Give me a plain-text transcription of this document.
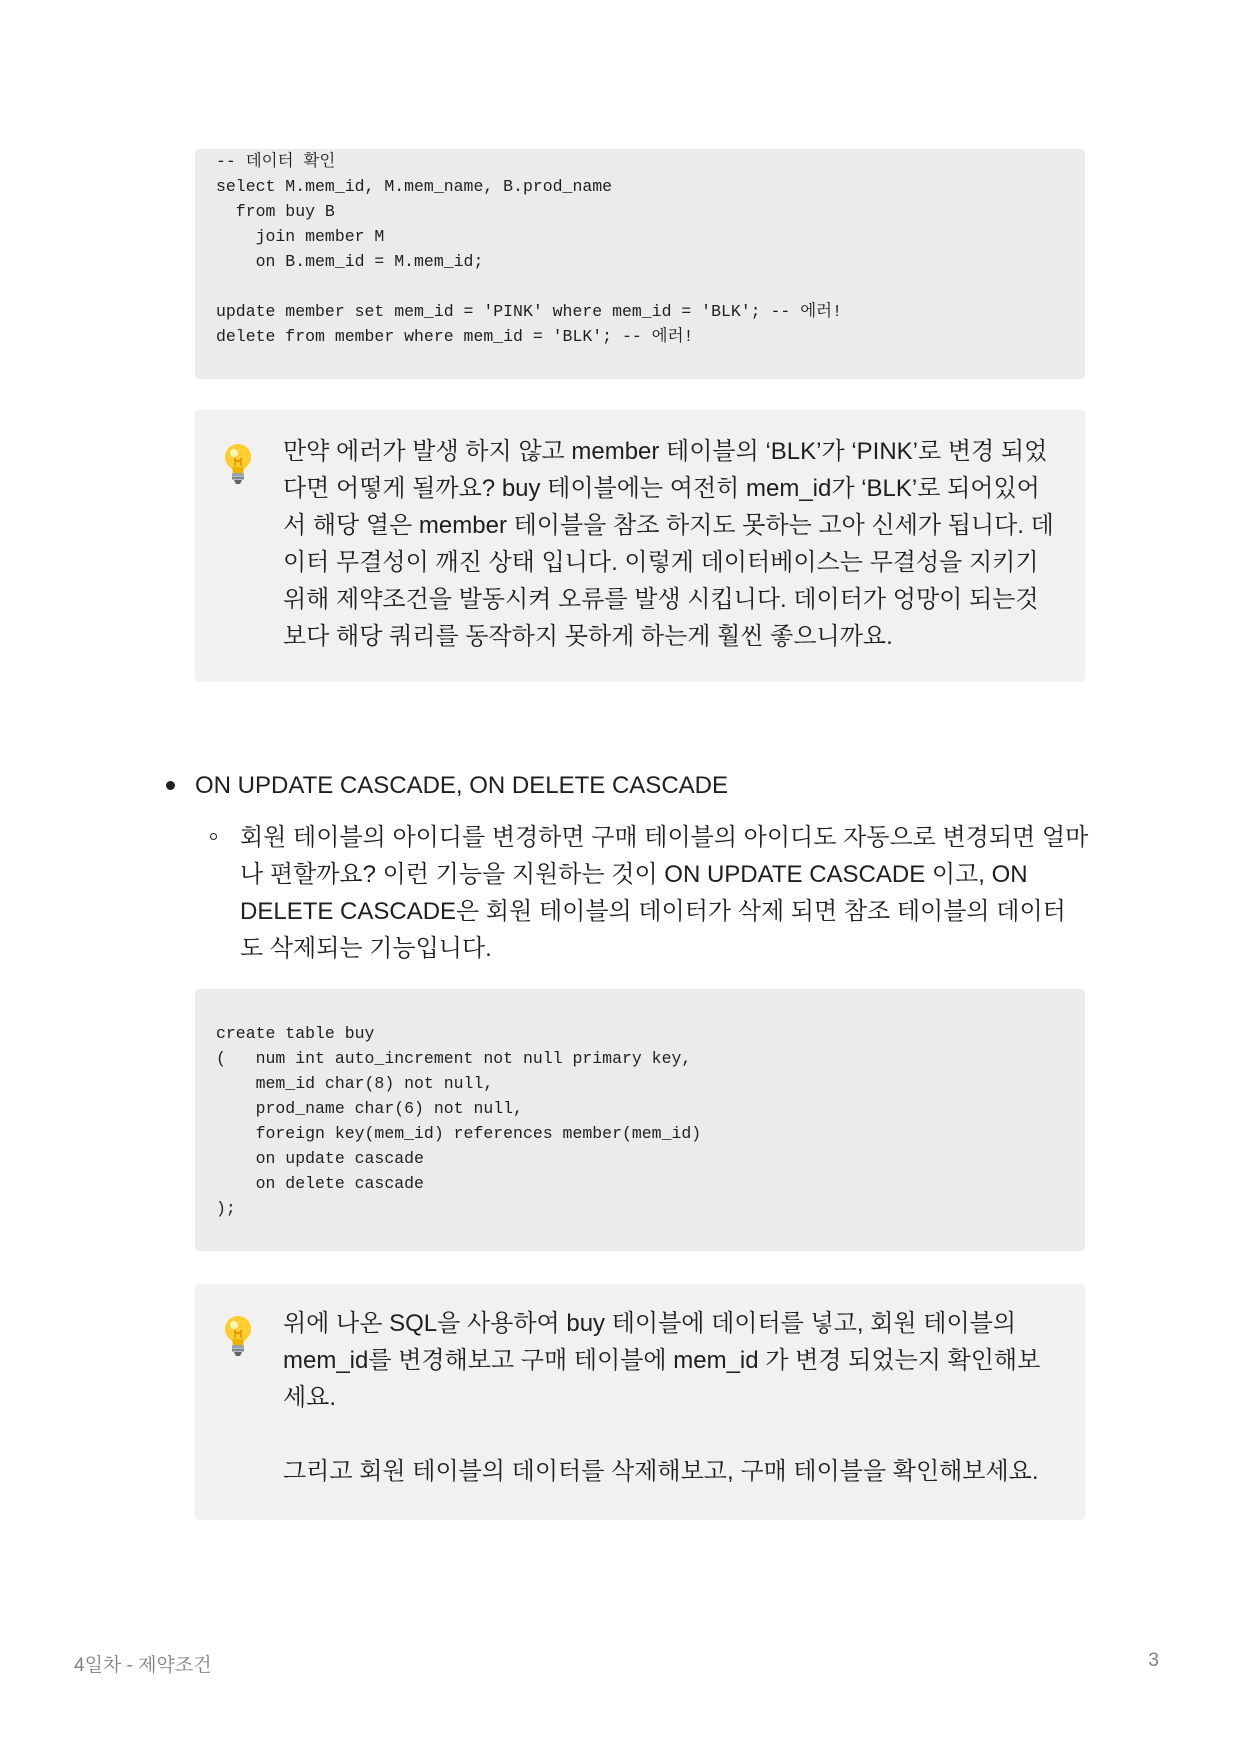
-- 데이터 확인
select M.mem_id, M.mem_name, B.prod_name
from buy B
join member M
on B.mem_id = M.mem_id;
update member set mem_id = 'PINK' where mem_id = 'BLK'; -- 에러!
delete from member where mem_id = 'BLK'; -- 에러!

만약 에러가 발생 하지 않고 member 테이블의 ‘BLK’가 ‘PINK’로 변경 되었

다면 어떻게 될까요? buy 테이블에는 여전히 mem_id가 ‘BLK’로 되어있어

서 해당 열은 member 테이블을 참조 하지도 못하는 고아 신세가 됩니다. 데

이터 무결성이 깨진 상태 입니다. 이렇게 데이터베이스는 무결성을 지키기

위해 제약조건을 발동시켜 오류를 발생 시킵니다. 데이터가 엉망이 되는것

보다 해당 쿼리를 동작하지 못하게 하는게 훨씬 좋으니까요.

ON UPDATE CASCADE, ON DELETE CASCADE
회원 테이블의 아이디를 변경하면 구매 테이블의 아이디도 자동으로 변경되면 얼마
나 편할까요? 이런 기능을 지원하는 것이 ON UPDATE CASCADE 이고, ON
DELETE CASCADE은 회원 테이블의 데이터가 삭제 되면 참조 테이블의 데이터
도 삭제되는 기능입니다.
create table buy
(   num int auto_increment not null primary key,
mem_id char(8) not null,
prod_name char(6) not null,
foreign key(mem_id) references member(mem_id)
on update cascade
on delete cascade
);

위에 나온 SQL을 사용하여 buy 테이블에 데이터를 넣고, 회원 테이블의

mem_id를 변경해보고 구매 테이블에 mem_id 가 변경 되었는지 확인해보

세요.

그리고 회원 테이블의 데이터를 삭제해보고, 구매 테이블을 확인해보세요.

4일차 - 제약조건	3
